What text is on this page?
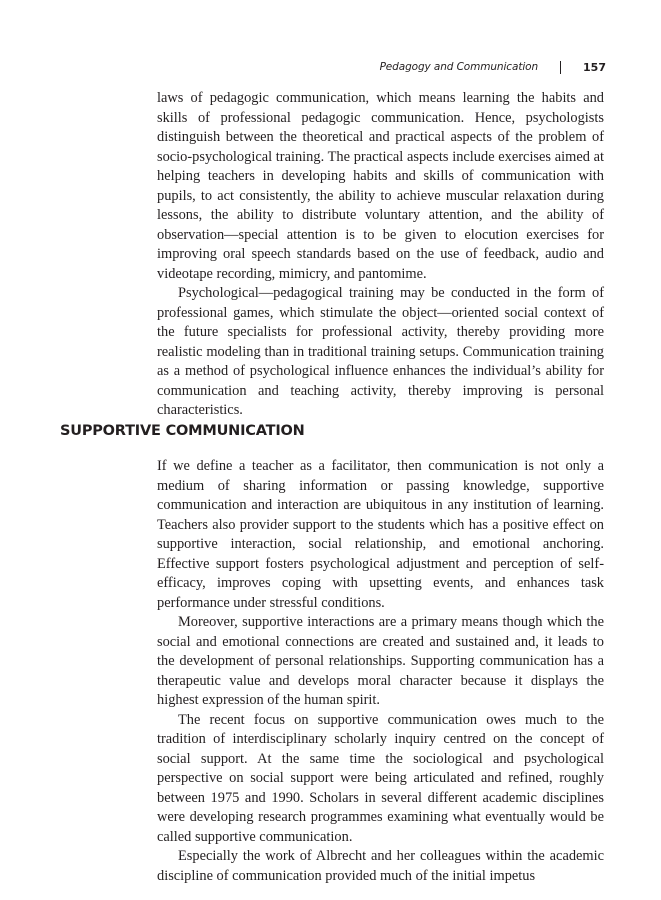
Pedagogy and Communication	157

laws of pedagogic communication, which means learning the habits and skills of professional pedagogic communication. Hence, psychologists distinguish between the theoretical and practical aspects of the problem of socio-psychological training. The practical aspects include exercises aimed at helping teachers in developing habits and skills of communication with pupils, to act consistently, the ability to achieve muscular relaxation during lessons, the ability to distribute voluntary attention, and the ability of observation—special attention is to be given to elocution exercises for improving oral speech standards based on the use of feedback, audio and videotape recording, mimicry, and pantomime.

Psychological—pedagogical training may be conducted in the form of professional games, which stimulate the object—oriented social context of the future specialists for professional activity, thereby providing more realistic modeling than in traditional training setups. Communication training as a method of psychological influence enhances the individual’s ability for communication and teaching activity, thereby improving is personal characteristics.

SUPPORTIVE COMMUNICATION

If we define a teacher as a facilitator, then communication is not only a medium of sharing information or passing knowledge, supportive communication and interaction are ubiquitous in any institution of learning. Teachers also provider support to the students which has a positive effect on supportive interaction, social relationship, and emotional anchoring. Effective support fosters psychological adjustment and perception of self-efficacy, improves coping with upsetting events, and enhances task performance under stressful conditions.

Moreover, supportive interactions are a primary means though which the social and emotional connections are created and sustained and, it leads to the development of personal relationships. Supporting communication has a therapeutic value and develops moral character because it displays the highest expression of the human spirit.

The recent focus on supportive communication owes much to the tradition of interdisciplinary scholarly inquiry centred on the concept of social support. At the same time the sociological and psychological perspective on social support were being articulated and refined, roughly between 1975 and 1990. Scholars in several different academic disciplines were developing research programmes examining what eventually would be called supportive communication.

Especially the work of Albrecht and her colleagues within the academic discipline of communication provided much of the initial impetus
